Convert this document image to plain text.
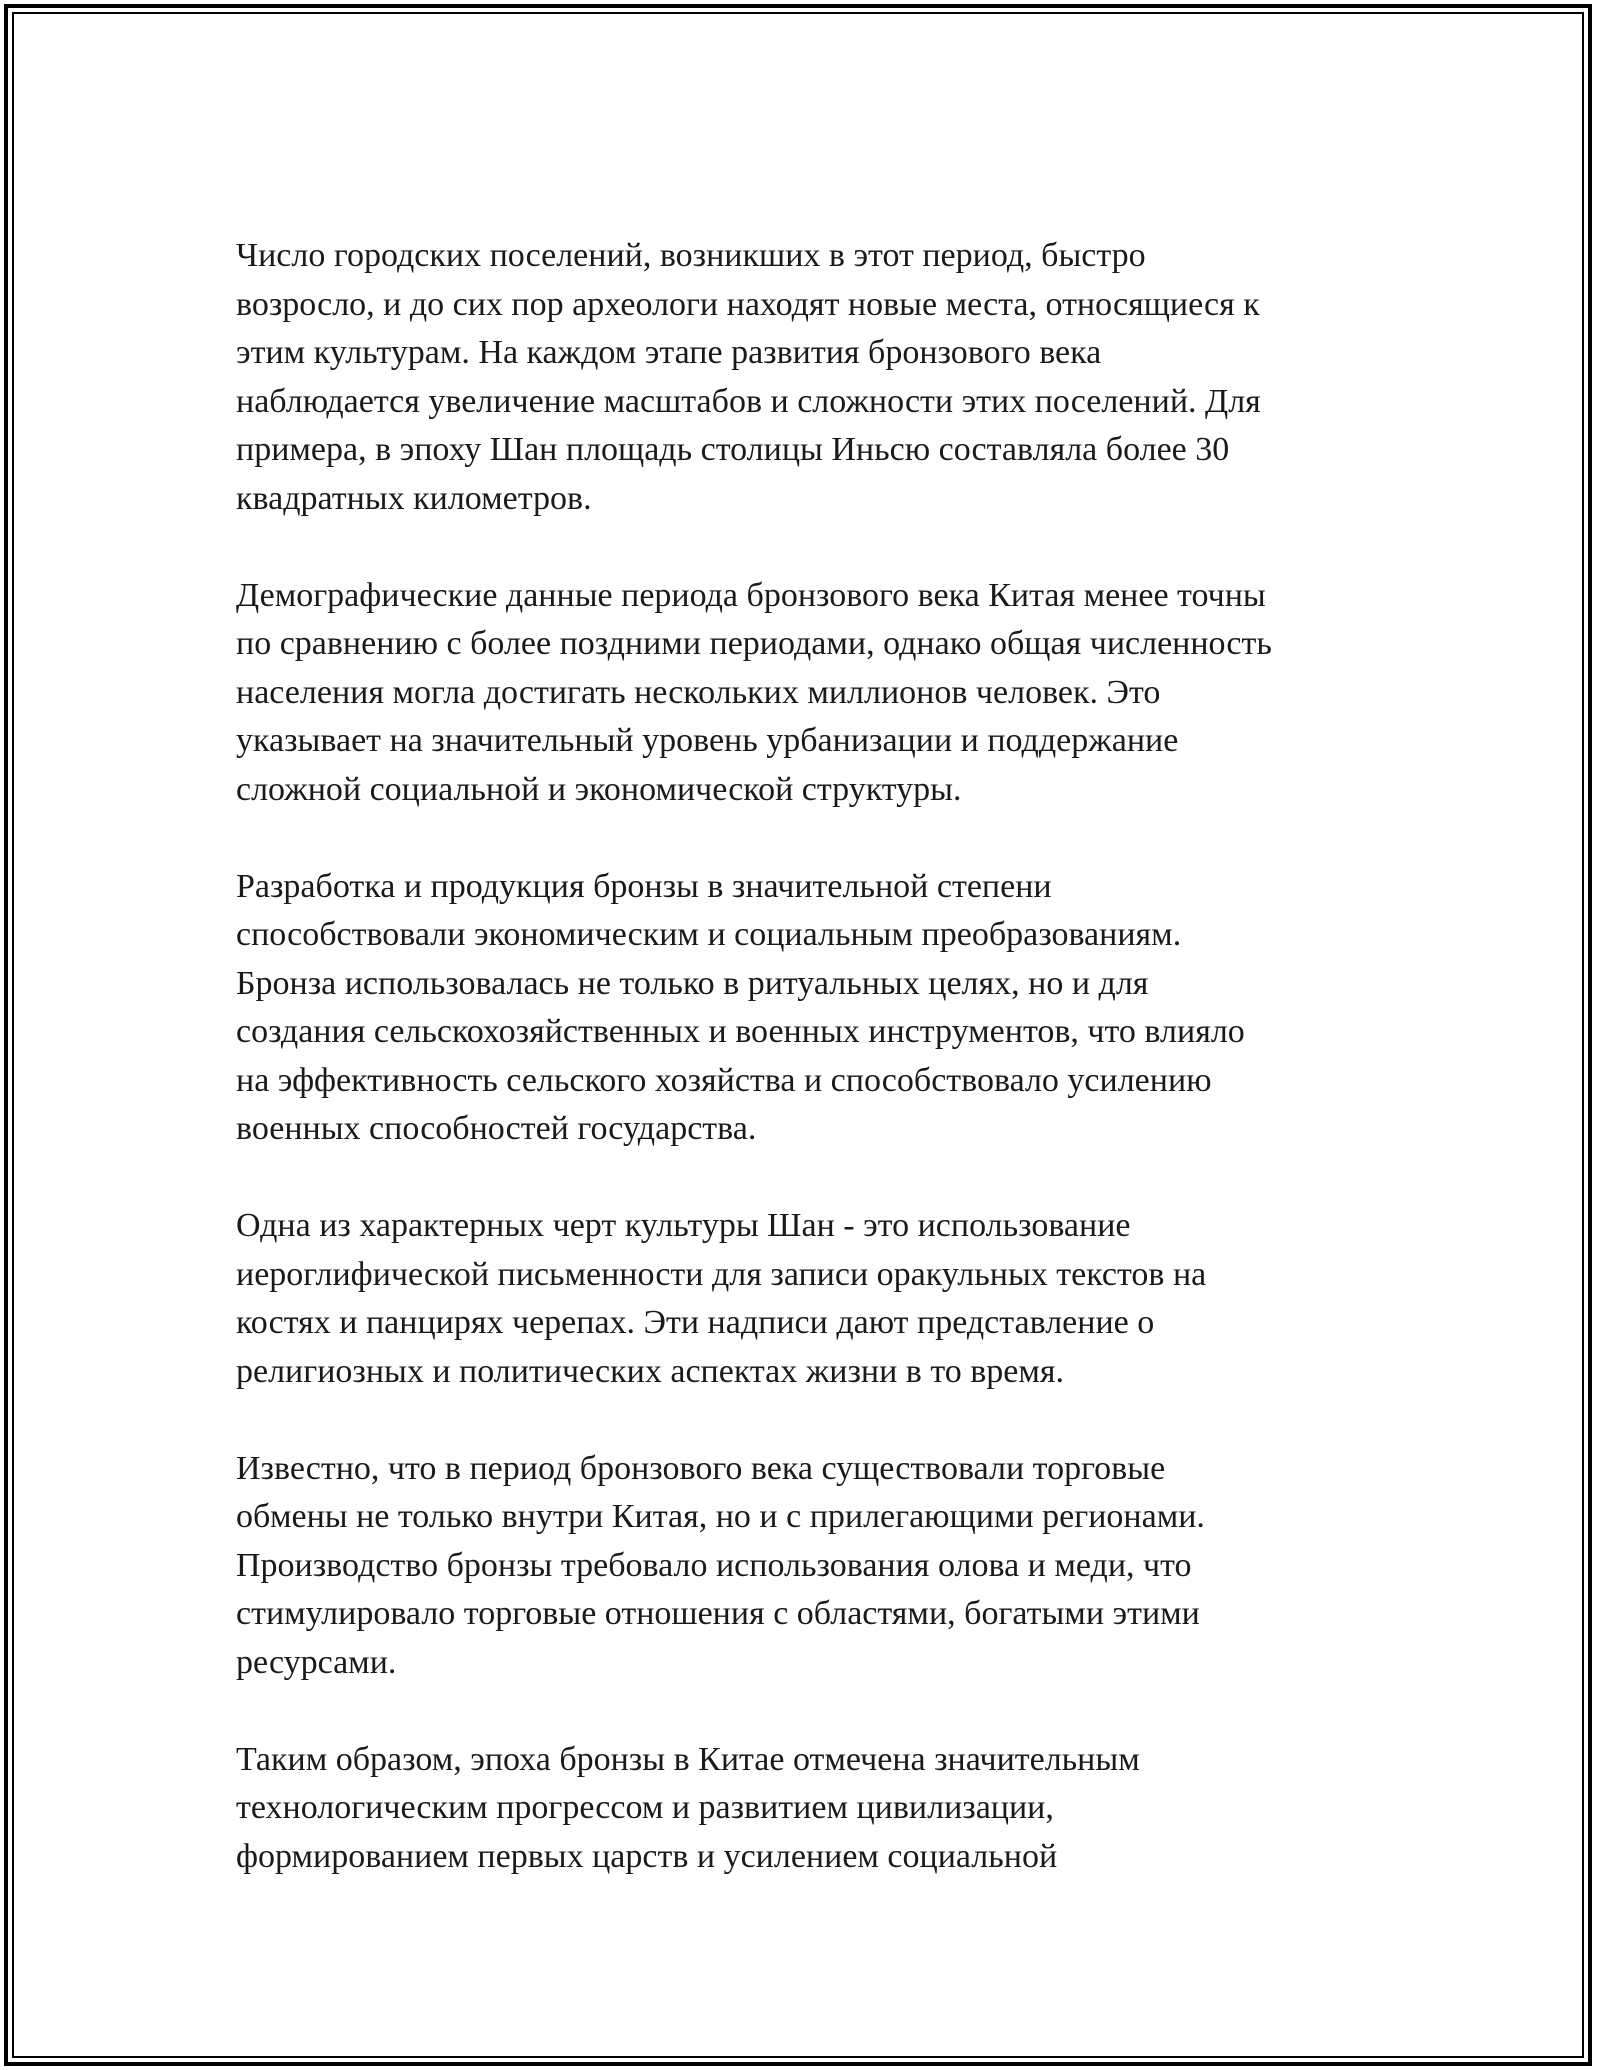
Число городских поселений, возникших в этот период, быстро
возросло, и до сих пор археологи находят новые места, относящиеся к
этим культурам. На каждом этапе развития бронзового века
наблюдается увеличение масштабов и сложности этих поселений. Для
примера, в эпоху Шан площадь столицы Иньсю составляла более 30
квадратных километров.

Демографические данные периода бронзового века Китая менее точны
по сравнению с более поздними периодами, однако общая численность
населения могла достигать нескольких миллионов человек. Это
указывает на значительный уровень урбанизации и поддержание
сложной социальной и экономической структуры.

Разработка и продукция бронзы в значительной степени
способствовали экономическим и социальным преобразованиям.
Бронза использовалась не только в ритуальных целях, но и для
создания сельскохозяйственных и военных инструментов, что влияло
на эффективность сельского хозяйства и способствовало усилению
военных способностей государства.

Одна из характерных черт культуры Шан - это использование
иероглифической письменности для записи оракульных текстов на
костях и панцирях черепах. Эти надписи дают представление о
религиозных и политических аспектах жизни в то время.

Известно, что в период бронзового века существовали торговые
обмены не только внутри Китая, но и с прилегающими регионами.
Производство бронзы требовало использования олова и меди, что
стимулировало торговые отношения с областями, богатыми этими
ресурсами.

Таким образом, эпоха бронзы в Китае отмечена значительным
технологическим прогрессом и развитием цивилизации,
формированием первых царств и усилением социальной
